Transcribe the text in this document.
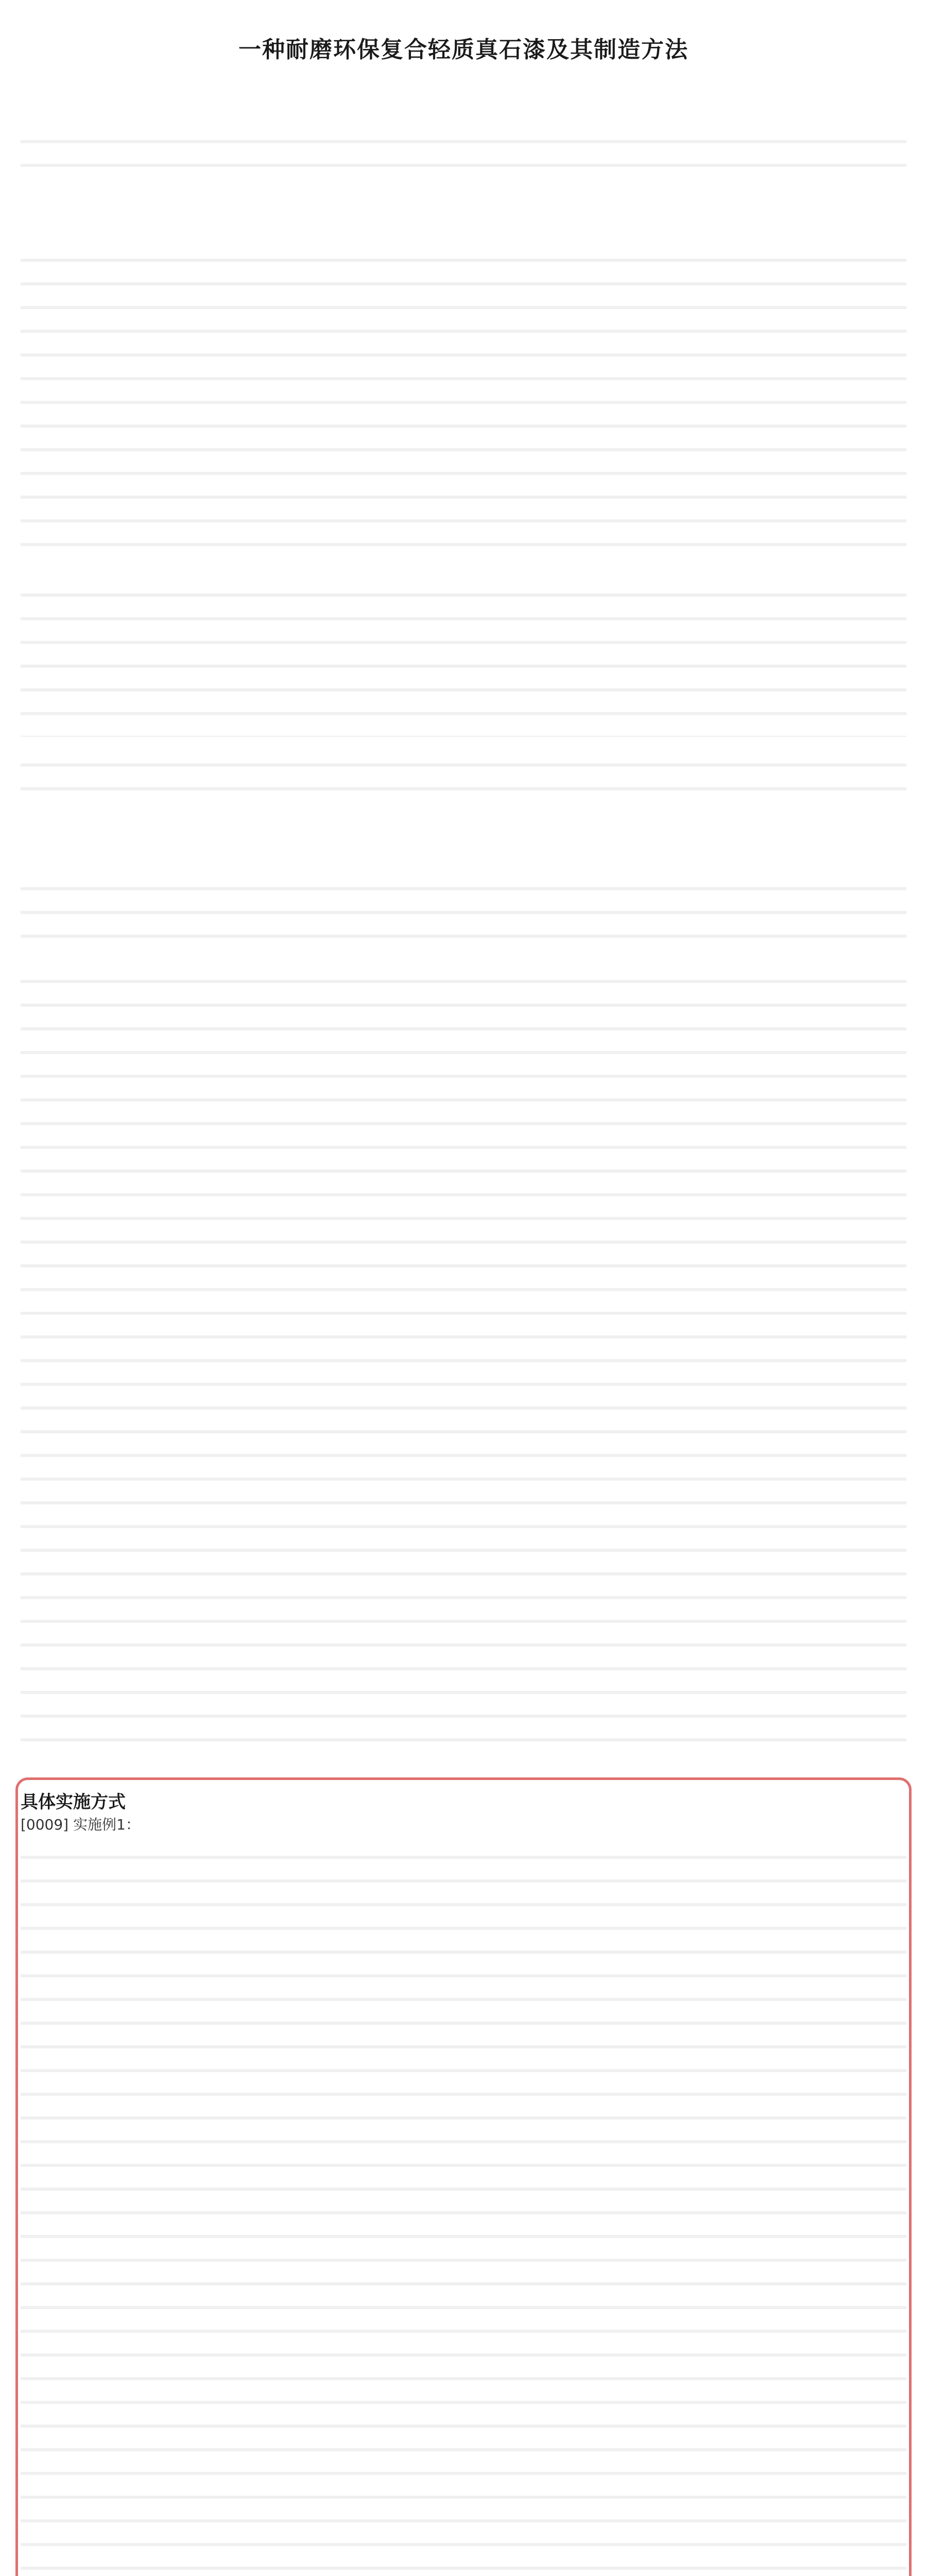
一种耐磨环保复合轻质真石漆及其制造方法
具体实施方式
[0009] 实施例1：
